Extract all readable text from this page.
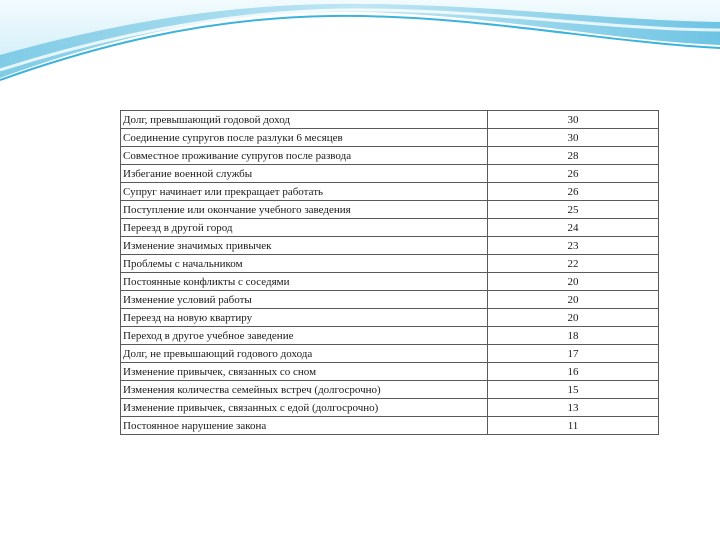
Долг, превышающий годовой доход	30
Соединение супругов после разлуки 6 месяцев	30
Совместное проживание супругов после развода	28
Избегание военной службы	26
Супруг начинает или прекращает работать	26
Поступление или окончание учебного заведения	25
Переезд в другой город	24
Изменение значимых привычек	23
Проблемы с начальником	22
Постоянные конфликты с соседями	20
Изменение условий работы	20
Переезд на новую квартиру	20
Переход в другое учебное заведение	18
Долг, не превышающий годового дохода	17
Изменение привычек, связанных со сном	16
Изменения количества семейных встреч (долгосрочно)	15
Изменение привычек, связанных с едой (долгосрочно)	13
Постоянное нарушение закона	11
